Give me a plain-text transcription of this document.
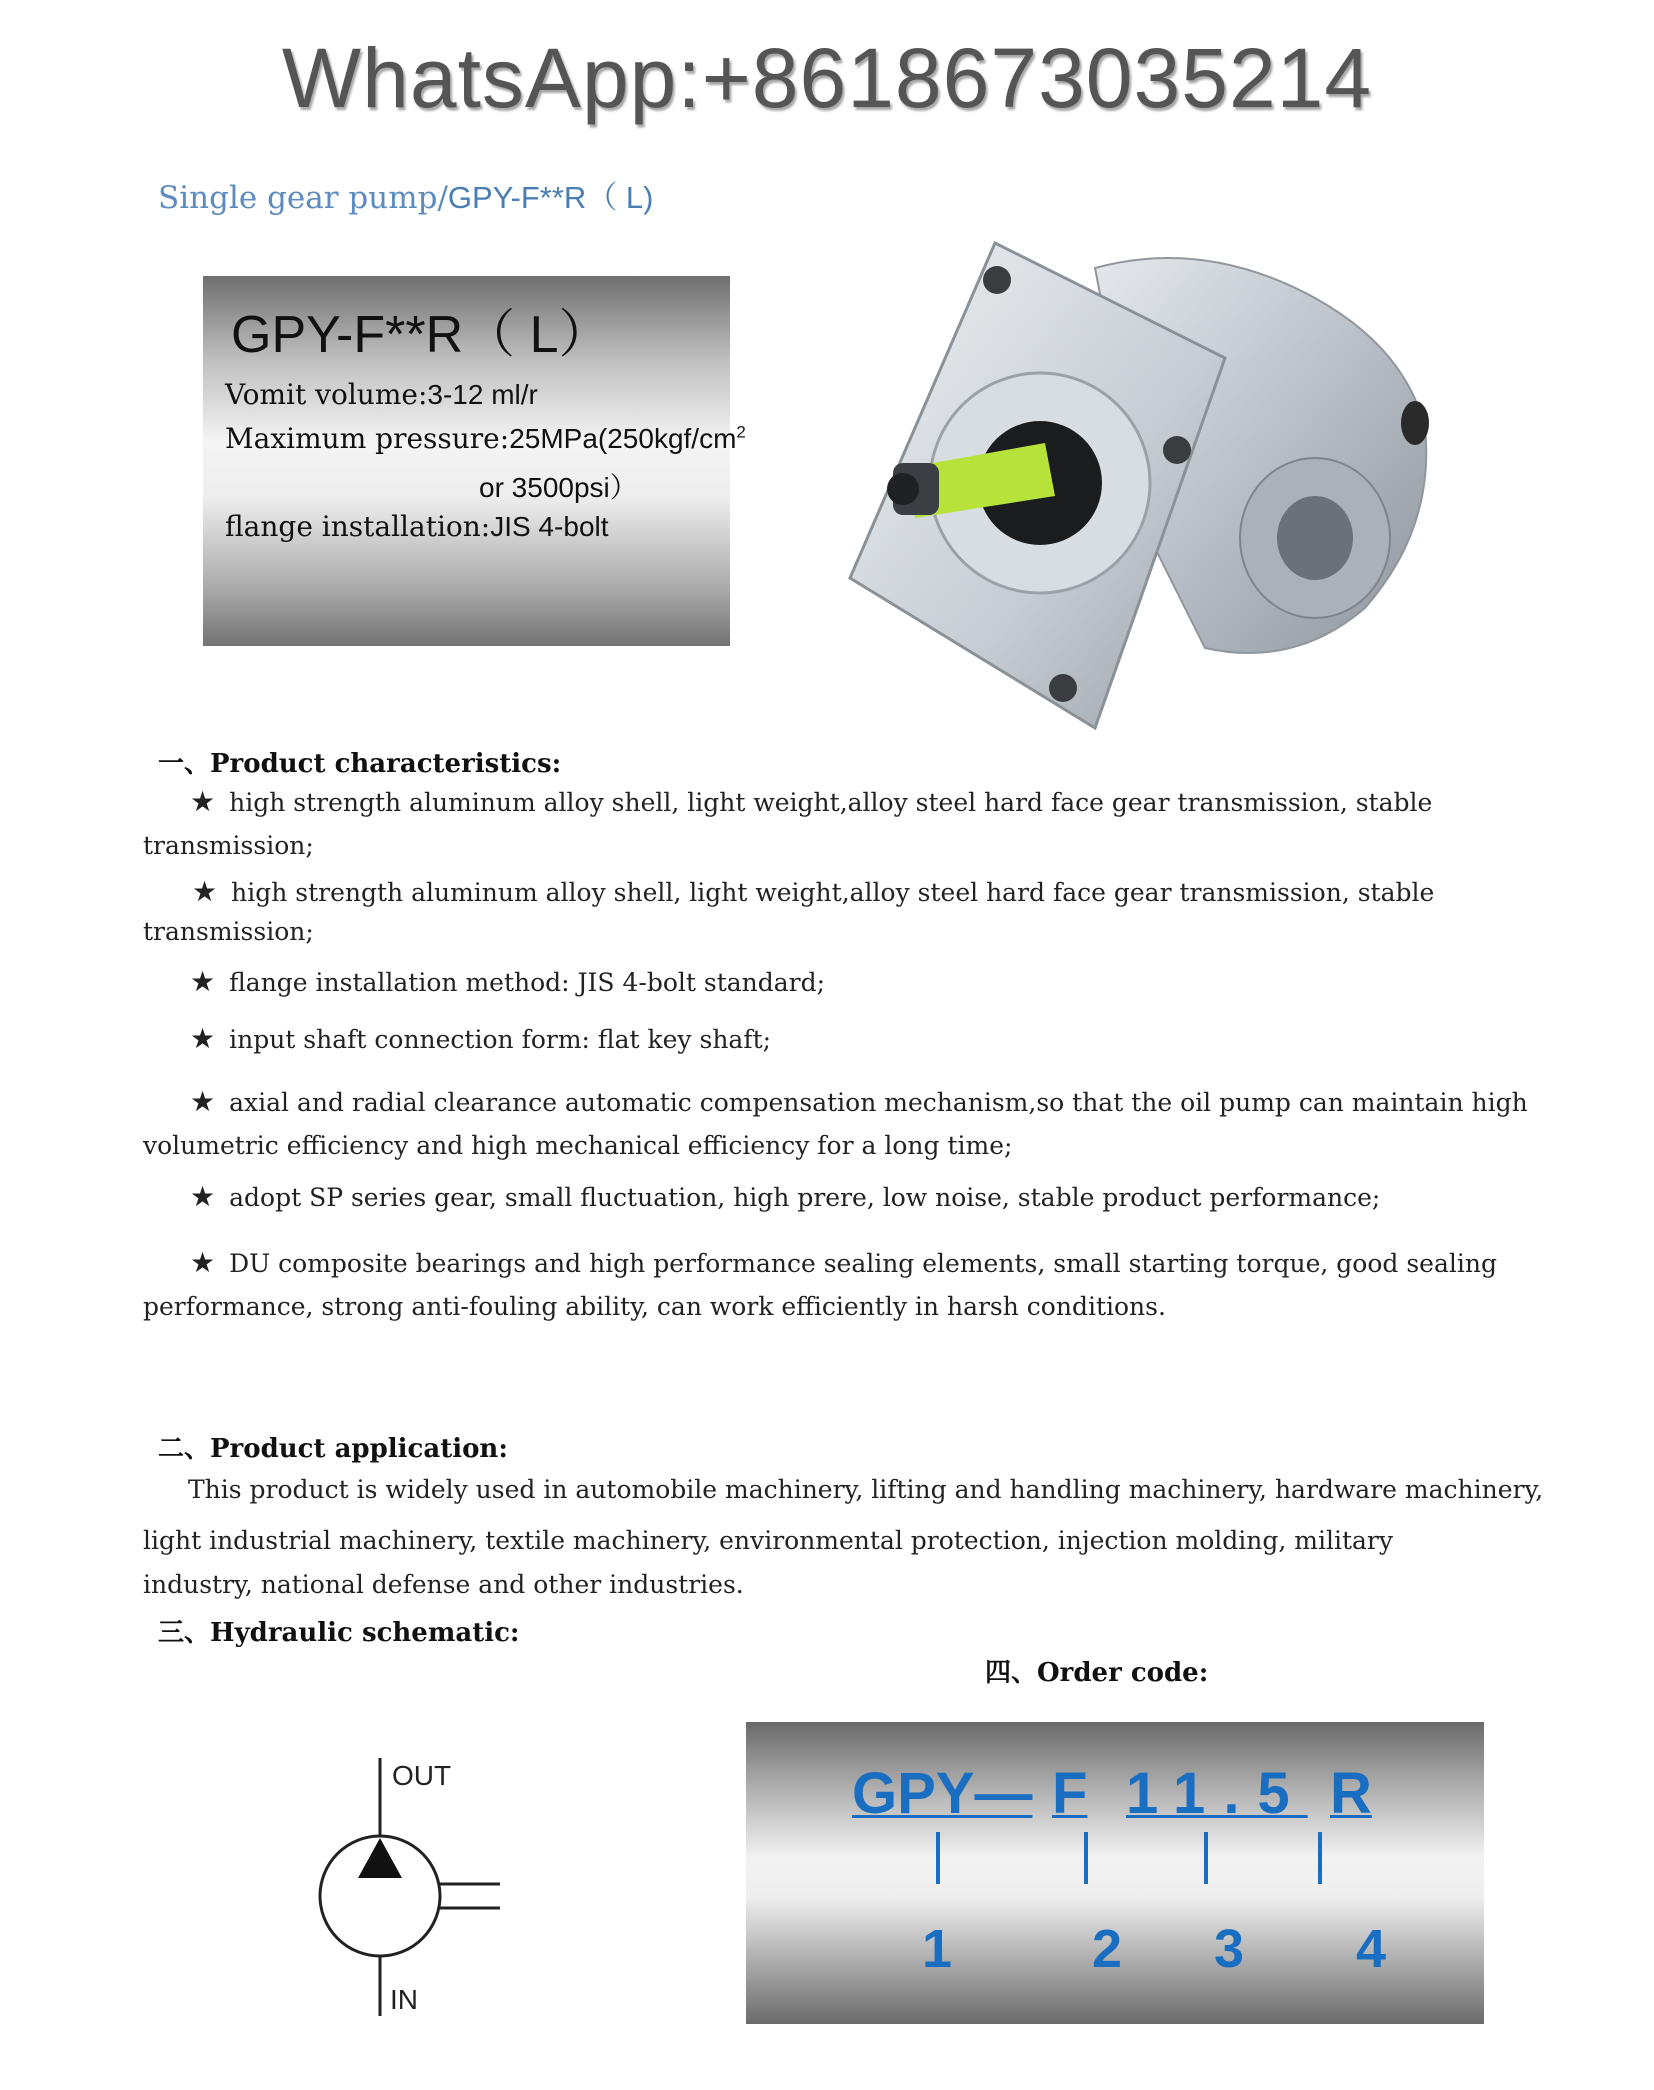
WhatsApp:+8618673035214
Single gear pump/GPY-F**R（ L)
GPY-F**R（ L）
Vomit volume:3-12 ml/r
Maximum $pressure:25MPa(250kgf/cm^2$
or 3500psi）
flange installation:JIS 4-bolt
一、Product characteristics:
★ high strength aluminum alloy shell, light weight,alloy steel hard face gear transmission, stable
transmission;
★ high strength aluminum alloy shell, light weight,alloy steel hard face gear transmission, stable
transmission;
★ flange installation method: JIS 4-bolt standard;
★ input shaft connection form: flat key shaft;
★ axial and radial clearance automatic compensation mechanism,so that the oil pump can maintain high
volumetric efficiency and high mechanical efficiency for a long time;
★ adopt SP series gear, small fluctuation, high prere, low noise, stable product performance;
★ DU composite bearings and high performance sealing elements, small starting torque, good sealing
performance, strong anti-fouling ability, can work efficiently in harsh conditions.
二、Product application:
This product is widely used in automobile machinery, lifting and handling machinery, hardware machinery,
light industrial machinery, textile machinery, environmental protection, injection molding, military
industry, national defense and other industries.
三、Hydraulic schematic:
OUT
IN
四、Order code:
GPY— F 11.5 R
1	2 3 4
